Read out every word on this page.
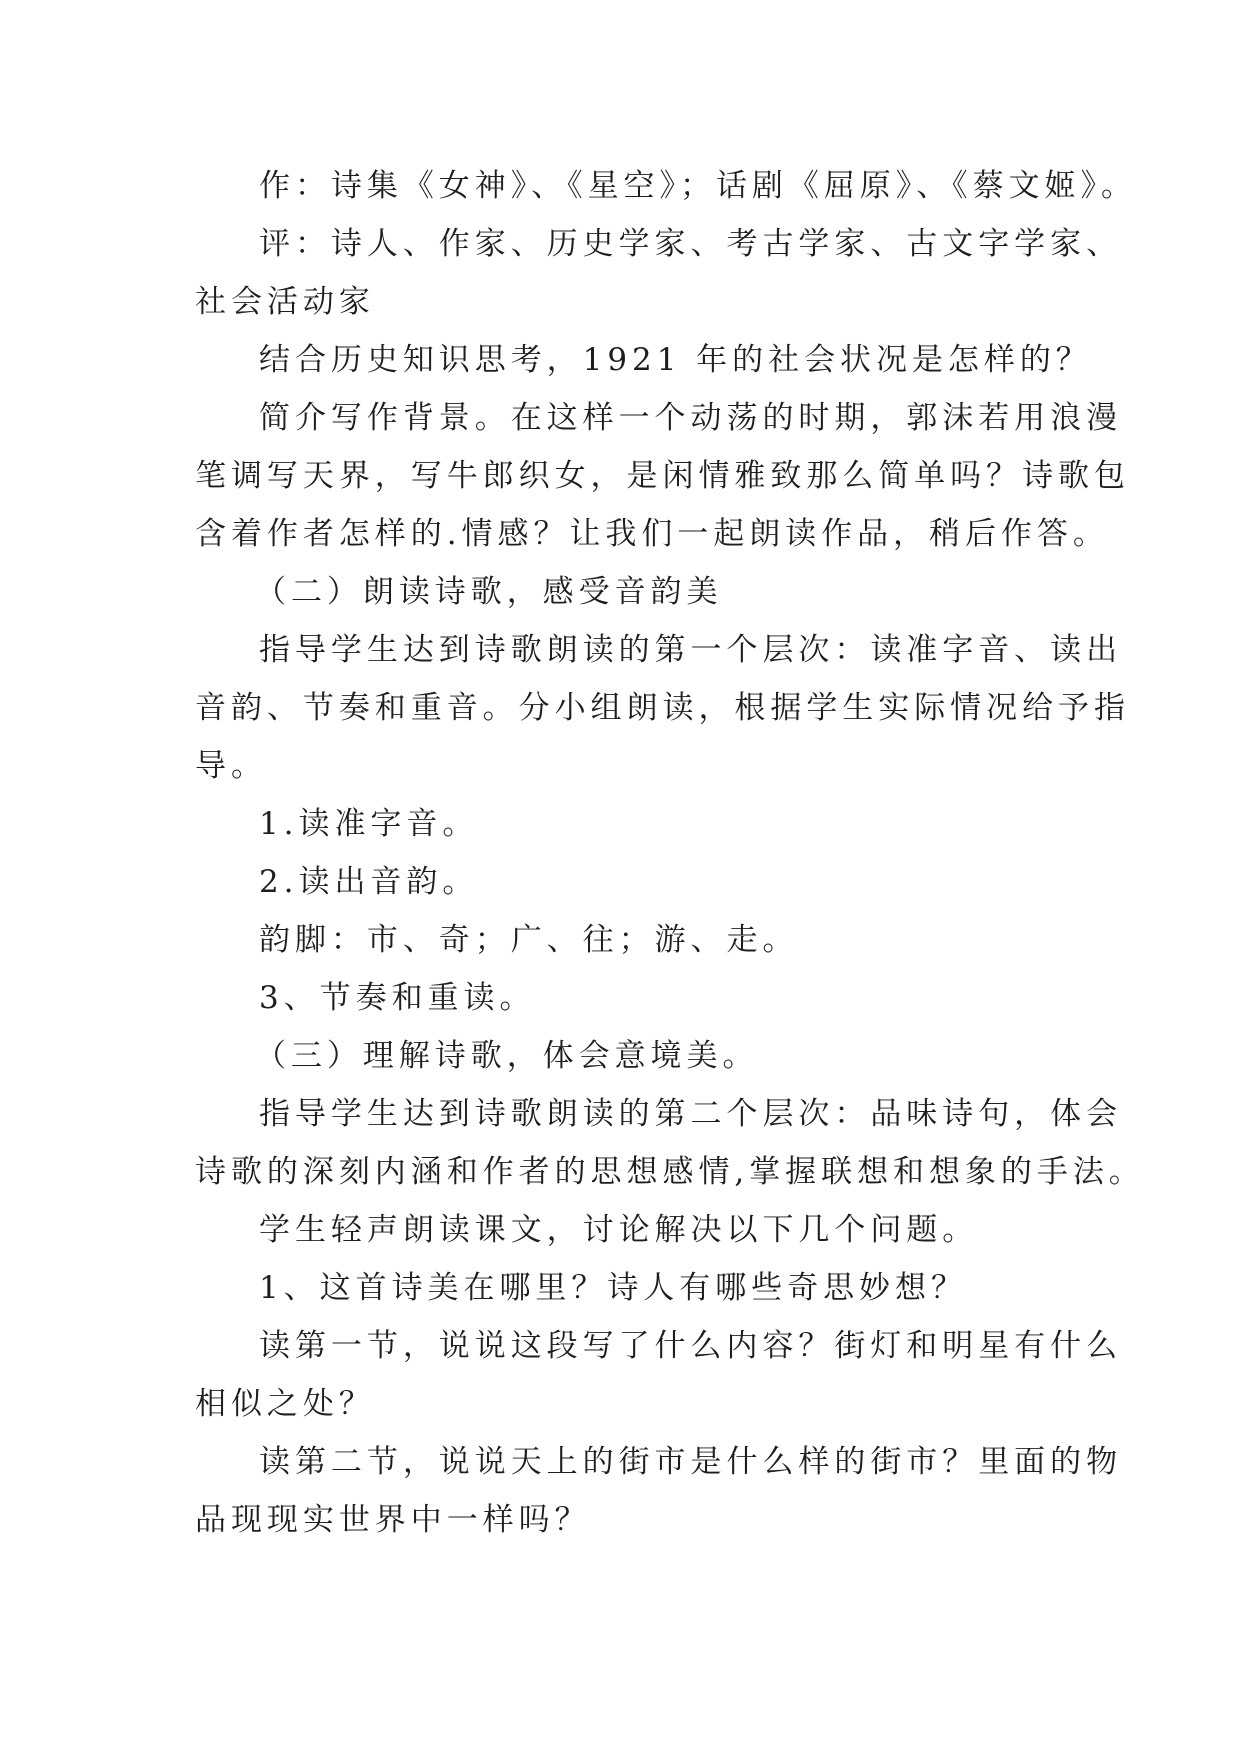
作：诗集《女神》、《星空》；话剧《屈原》、《蔡文姬》。
评：诗人、作家、历史学家、考古学家、古文字学家、
社会活动家
结合历史知识思考，1921 年的社会状况是怎样的？
简介写作背景。在这样一个动荡的时期，郭沫若用浪漫
笔调写天界，写牛郎织女，是闲情雅致那么简单吗？诗歌包
含着作者怎样的.情感？让我们一起朗读作品，稍后作答。
（二）朗读诗歌，感受音韵美
指导学生达到诗歌朗读的第一个层次：读准字音、读出
音韵、节奏和重音。分小组朗读，根据学生实际情况给予指
导。
1.读准字音。
2.读出音韵。
韵脚：市、奇；广、往；游、走。
3、节奏和重读。
（三）理解诗歌，体会意境美。
指导学生达到诗歌朗读的第二个层次：品味诗句，体会
诗歌的深刻内涵和作者的思想感情,掌握联想和想象的手法。
学生轻声朗读课文，讨论解决以下几个问题。
1、这首诗美在哪里？诗人有哪些奇思妙想？
读第一节，说说这段写了什么内容？街灯和明星有什么
相似之处？
读第二节，说说天上的街市是什么样的街市？里面的物
品现现实世界中一样吗？
